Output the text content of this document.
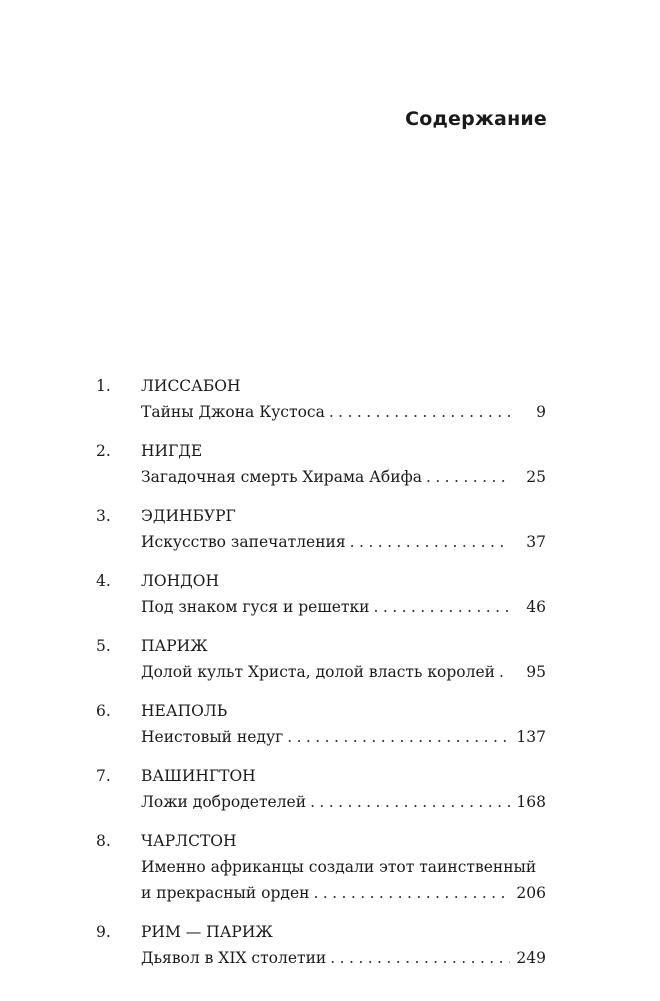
Содержание
1. ЛИССАБОН
Тайны Джона Кустоса . . .	9
2. НИГДЕ
Загадочная смерть Хирама Абифа . . .	25
3. ЭДИНБУРГ
Искусство запечатления . . .	37
4. ЛОНДОН
Под знаком гуся и решетки . . .	46
5. ПАРИЖ
Долой культ Христа, долой власть королей . . .	95
6. НЕАПОЛЬ
Неистовый недуг . . .	137
7. ВАШИНГТОН
Ложи добродетелей . . .	168
8. ЧАРЛСТОН
Именно африканцы создали этот таинственный
и прекрасный орден . . .	206
9. РИМ — ПАРИЖ
Дьявол в XIX столетии . . .	249
